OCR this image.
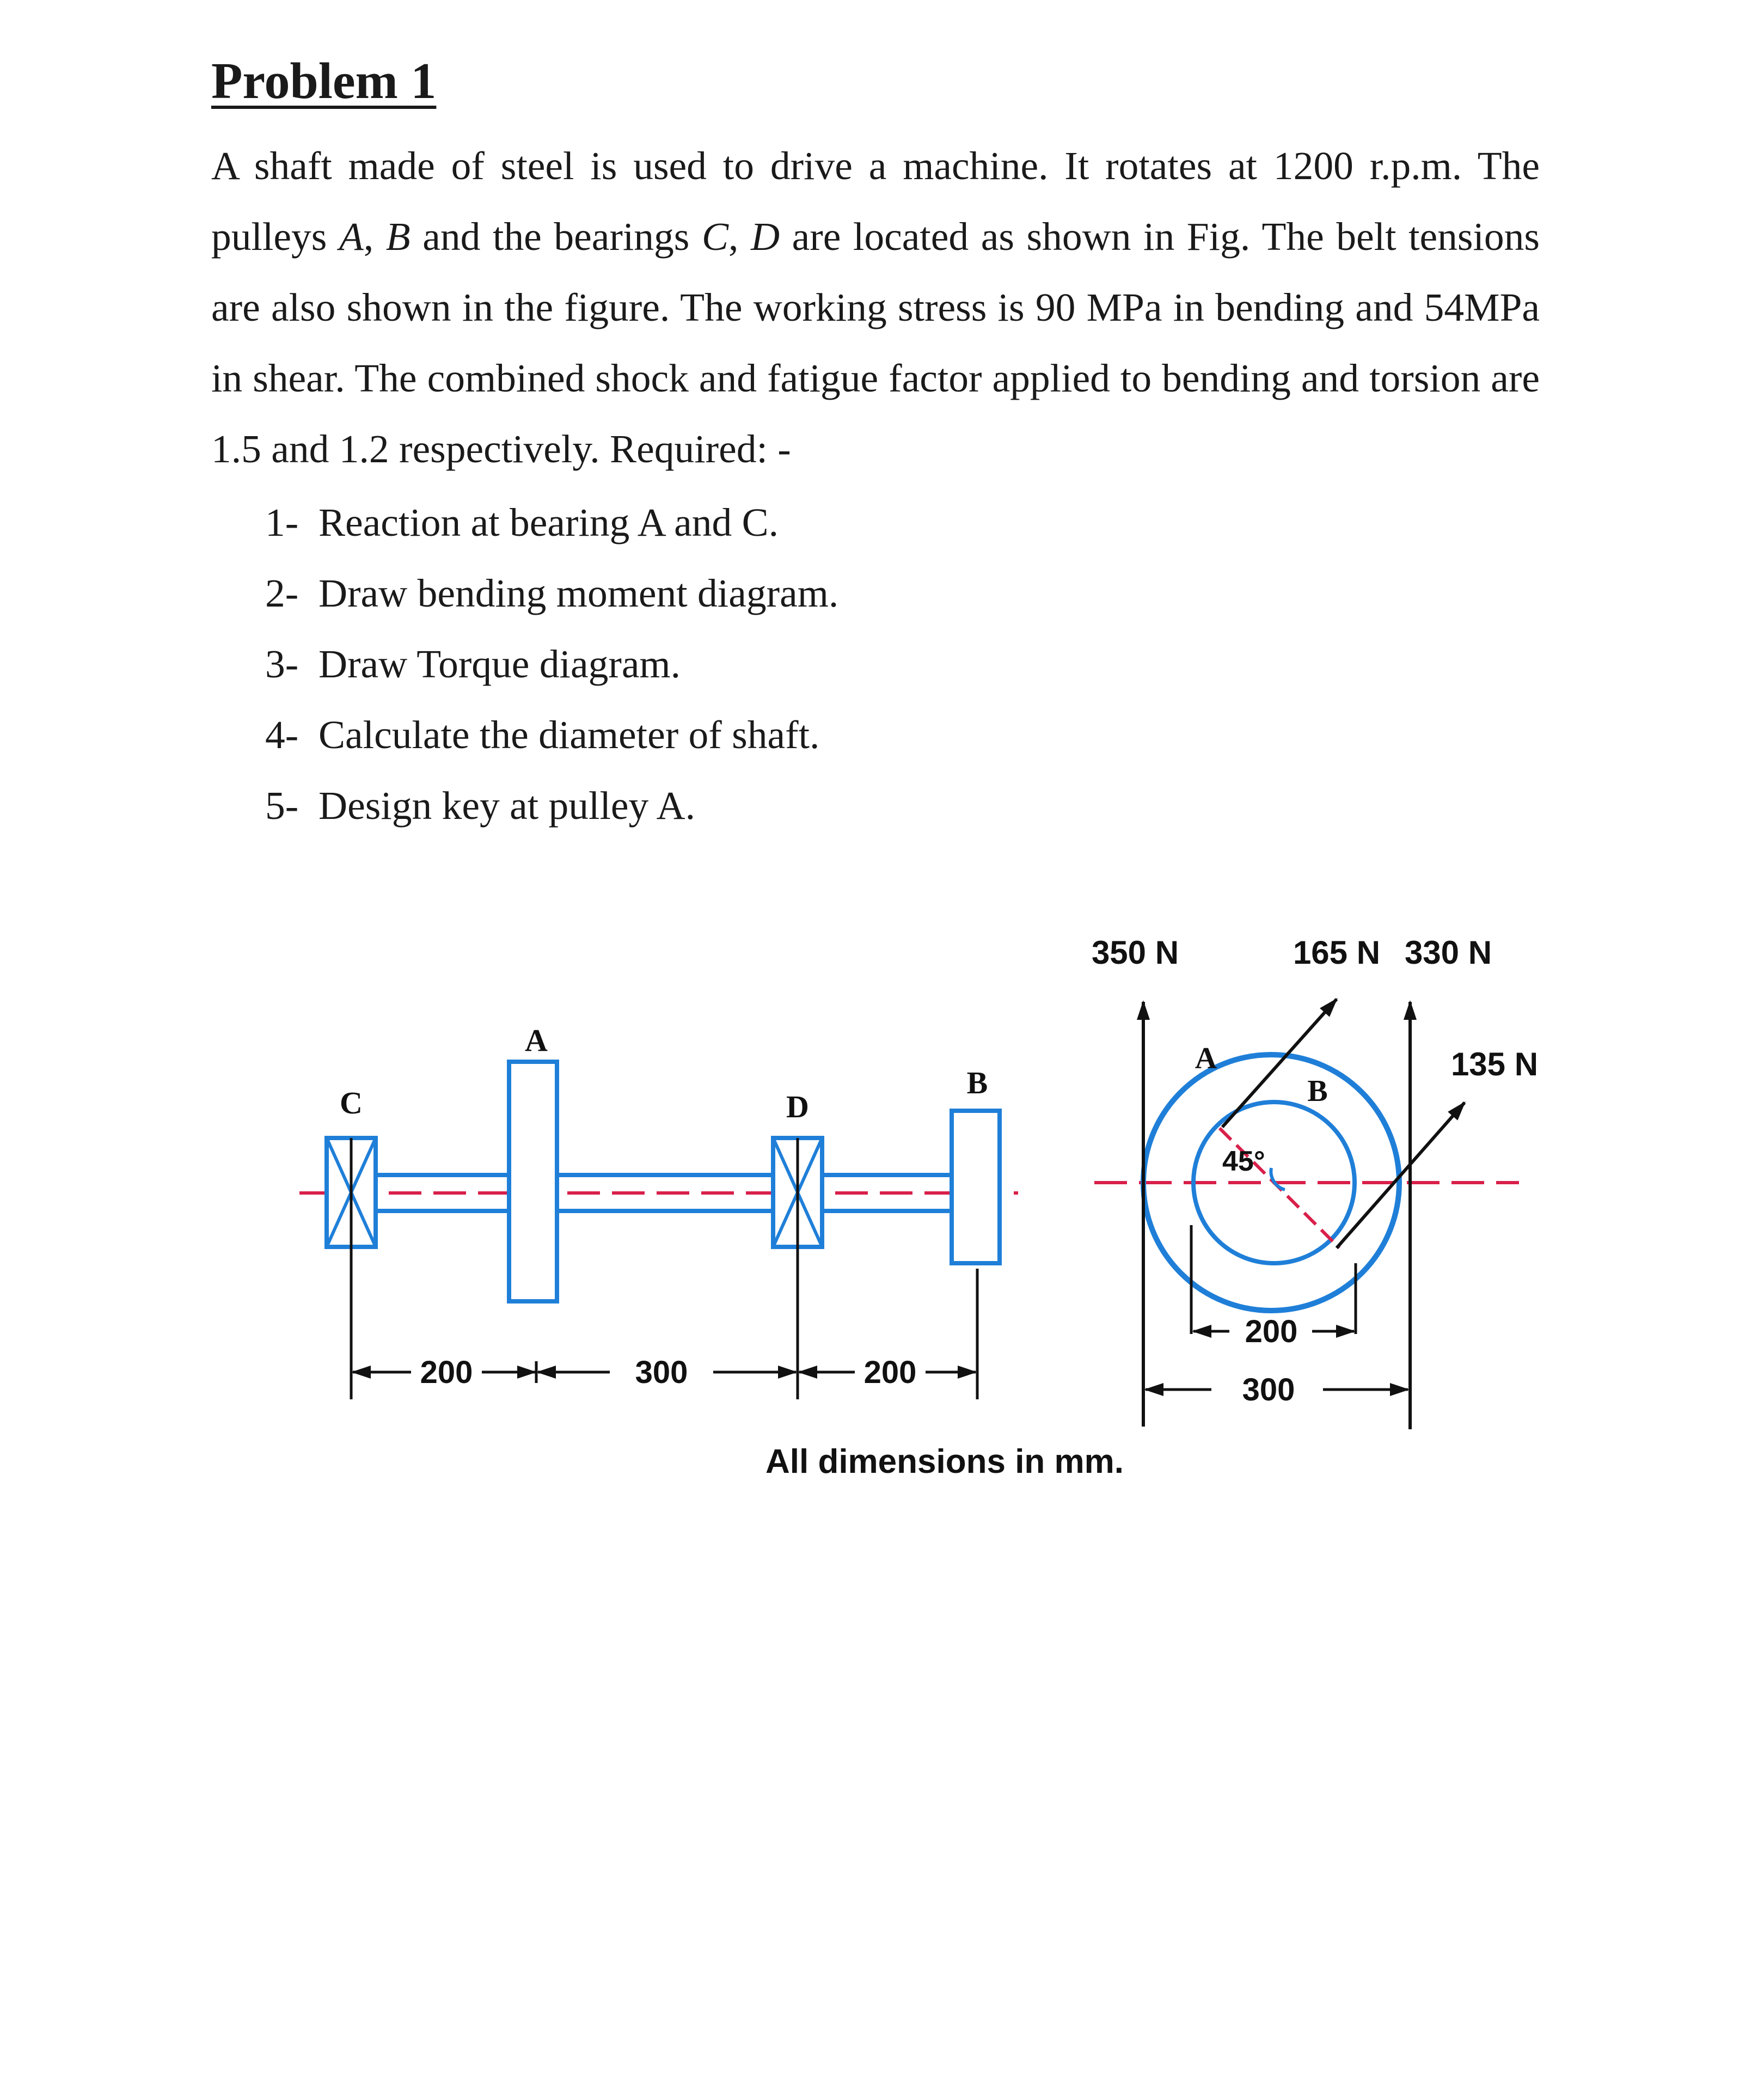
Problem 1

A shaft made of steel is used to drive a machine. It rotates at 1200 r.p.m. The pulleys A, B and the bearings C, D are located as shown in Fig. The belt tensions are also shown in the figure. The working stress is 90 MPa in bending and 54MPa in shear. The combined shock and fatigue factor applied to bending and torsion are 1.5 and 1.2 respectively. Required: -

1- Reaction at bearing A and C.
2- Draw bending moment diagram.
3- Draw Torque diagram.
4- Calculate the diameter of shaft.
5- Design key at pulley A.
C
A
D
B
200	300	200
45°
350 N	330 N
165 N
135 N
A
B
200
300
All dimensions in mm.
